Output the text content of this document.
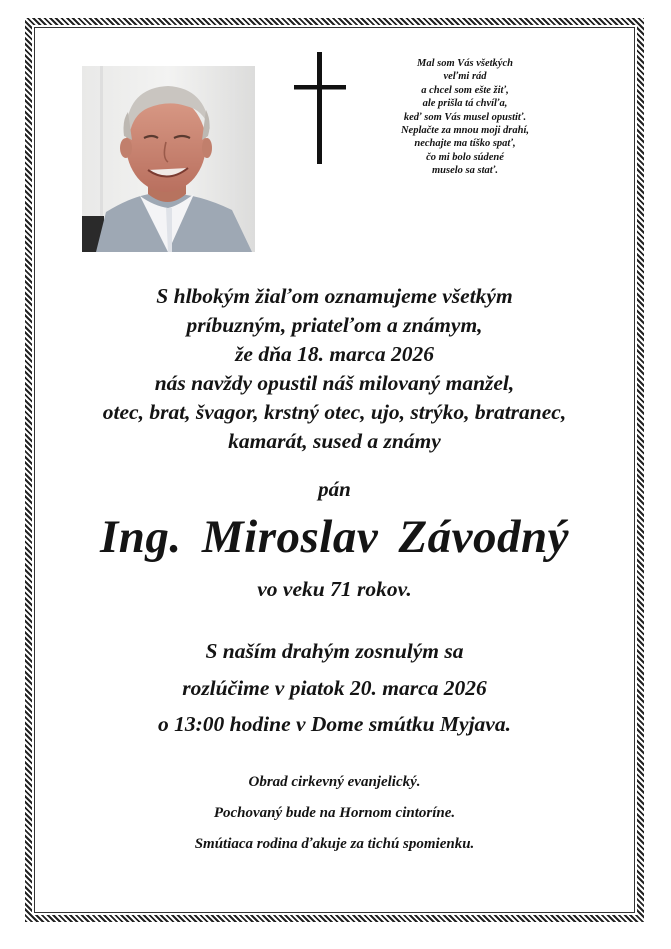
Mal som Vás všetkých
veľmi rád
a chcel som ešte žiť,
ale prišla tá chvíľa,
keď som Vás musel opustiť.
Neplačte za mnou moji drahí,
nechajte ma tíško spať,
čo mi bolo súdené
muselo sa stať.
S hlbokým žiaľom oznamujeme všetkým
príbuzným, priateľom a známym,
že dňa 18. marca 2026
nás navždy opustil náš milovaný manžel,
otec, brat, švagor, krstný otec, ujo, strýko, bratranec,
kamarát, sused a známy
pán
Ing. Miroslav Závodný
vo veku 71 rokov.
S naším drahým zosnulým sa
rozlúčime v piatok 20. marca 2026
o 13:00 hodine v Dome smútku Myjava.
Obrad cirkevný evanjelický.
Pochovaný bude na Hornom cintoríne.
Smútiaca rodina ďakuje za tichú spomienku.
